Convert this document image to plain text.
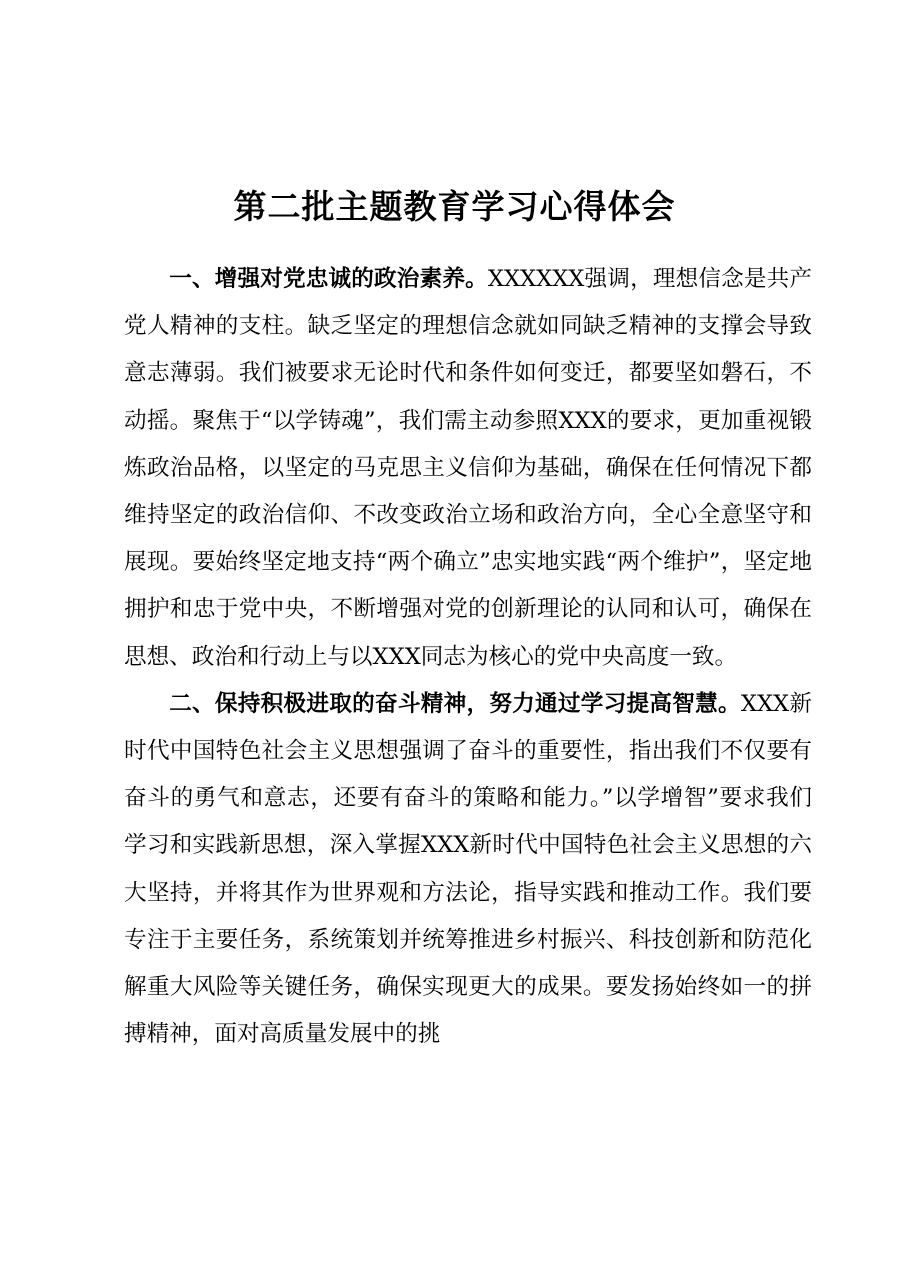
第二批主题教育学习心得体会

一、增强对党忠诚的政治素养。XXXXXX强调，理想信念是共产党人精神的支柱。缺乏坚定的理想信念就如同缺乏精神的支撑会导致意志薄弱。我们被要求无论时代和条件如何变迁，都要坚如磐石，不动摇。聚焦于“以学铸魂”，我们需主动参照XXX的要求，更加重视锻炼政治品格，以坚定的马克思主义信仰为基础，确保在任何情况下都维持坚定的政治信仰、不改变政治立场和政治方向，全心全意坚守和展现。要始终坚定地支持“两个确立”忠实地实践“两个维护”，坚定地拥护和忠于党中央，不断增强对党的创新理论的认同和认可，确保在思想、政治和行动上与以XXX同志为核心的党中央高度一致。

二、保持积极进取的奋斗精神，努力通过学习提高智慧。XXX新时代中国特色社会主义思想强调了奋斗的重要性，指出我们不仅要有奋斗的勇气和意志，还要有奋斗的策略和能力。”以学增智”要求我们学习和实践新思想，深入掌握XXX新时代中国特色社会主义思想的六大坚持，并将其作为世界观和方法论，指导实践和推动工作。我们要专注于主要任务，系统策划并统筹推进乡村振兴、科技创新和防范化解重大风险等关键任务，确保实现更大的成果。要发扬始终如一的拼搏精神，面对高质量发展中的挑
